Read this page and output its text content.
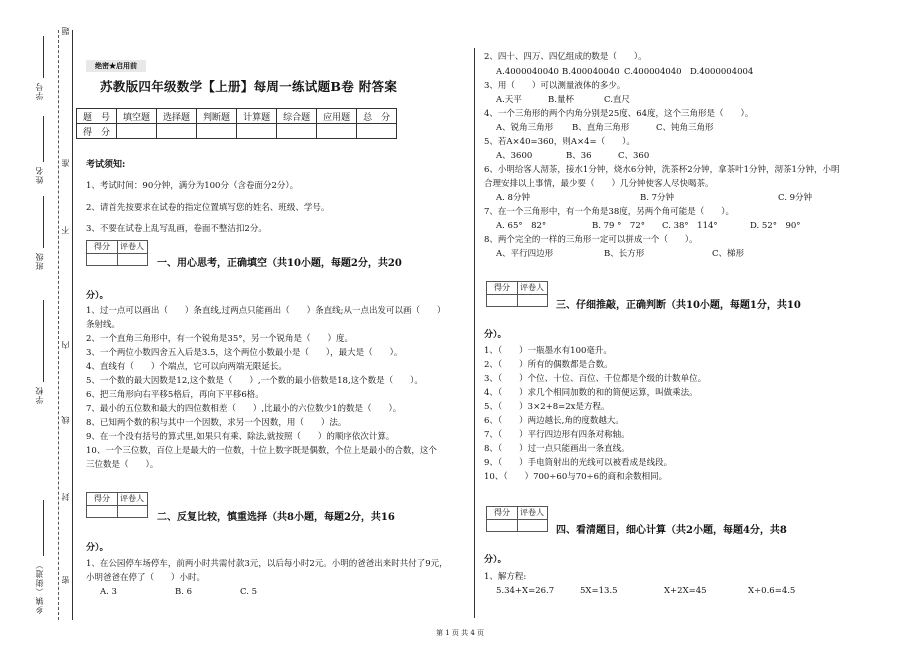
题
学号
准
姓名
班级
不
内
学校
线
封
乡镇（街道） 密
绝密★启用前
苏教版四年级数学【上册】每周一练试题B卷 附答案
题　号	填空题	选择题	判断题	计算题	综合题	应用题	总　分
得　分							
考试须知:
1、考试时间：90分钟，满分为100分（含卷面分2分）。
2、请首先按要求在试卷的指定位置填写您的姓名、班级、学号。
3、不要在试卷上乱写乱画，卷面不整洁扣2分。
得分	评卷人
一、用心思考，正确填空（共10小题，每题2分，共20
分）。
1、过一点可以画出（　　）条直线,过两点只能画出（　　）条直线;从一点出发可以画（　　）
条射线。
2、一个直角三角形中，有一个锐角是35°，另一个锐角是（　　）度。
3、一个两位小数四舍五入后是3.5，这个两位小数最小是（　　），最大是（　　）。
4、直线有（　　）个端点，它可以向两端无限延长。
5、一个数的最大因数是12,这个数是（　　）,一个数的最小倍数是18,这个数是（　　）。
6、把三角形向右平移5格后，再向下平移6格。
7、最小的五位数和最大的四位数相差（　　）,比最小的六位数少1的数是（　　）。
8、已知两个数的积与其中一个因数，求另一个因数，用（　　）法。
9、在一个没有括号的算式里,如果只有乘、除法,就按照（　　）的顺序依次计算。
10、一个三位数，百位上是最大的一位数，十位上数字既是偶数，个位上是最小的合数，这个
三位数是（　　）。
得分	评卷人
二、反复比较，慎重选择（共8小题，每题2分，共16
分）。
1、在公园停车场停车，前两小时共需付款3元，以后每小时2元。小明的爸爸出来时共付了9元，
小明爸爸在停了（　　）小时。
A. 3	B. 6	C. 5
2、四十、四万、四亿组成的数是（　　）。
A.4000040040 B.400040040 C.400004040 D.4000004004
3、用（　　）可以测量液体的多少。
A.天平	B.量杯	C.直尺
4、一个三角形的两个内角分别是25度、64度，这个三角形是（　　）。
A、锐角三角形 B、直角三角形	C、钝角三角形
5、若A×40=360，则A×4=（　　）。
A、3600	B、36	C、360
6、小明给客人沏茶，接水1分钟，烧水6分钟，洗茶杯2分钟，拿茶叶1分钟，沏茶1分钟，小明
合理安排以上事情，最少要（　　）几分钟使客人尽快喝茶。
A. 8分钟	B. 7分钟	C. 9分钟
7、在一个三角形中，有一个角是38度，另两个角可能是（　　）。
A. 65°　82°	B. 79 °　72° C. 38°　114°	D. 52°　90°
8、两个完全的一样的三角形一定可以拼成一个（　　）。
A、平行四边形	B、长方形	C、梯形
得分	评卷人
三、仔细推敲，正确判断（共10小题，每题1分，共10
分）。
1、（　　）一瓶墨水有100毫升。
2、（　　）所有的偶数都是合数。
3、（　　）个位、十位、百位、千位都是个级的计数单位。
4、（　　）求几个相同加数的和的简便运算，叫做乘法。
5、（　　）3×2+8=2x是方程。
6、（　　）两边越长,角的度数越大。
7、（　　）平行四边形有四条对称轴。
8、（　　）过一点只能画出一条直线。
9、（　　）手电筒射出的光线可以被看成是线段。
10、（　　）700÷60与70÷6的商和余数相同。
得分	评卷人
四、看清题目，细心计算（共2小题，每题4分，共8
分）。
1、解方程:
5.34+X=26.7	5X=13.5	X+2X=45	X÷0.6=4.5
第 1 页 共 4 页
